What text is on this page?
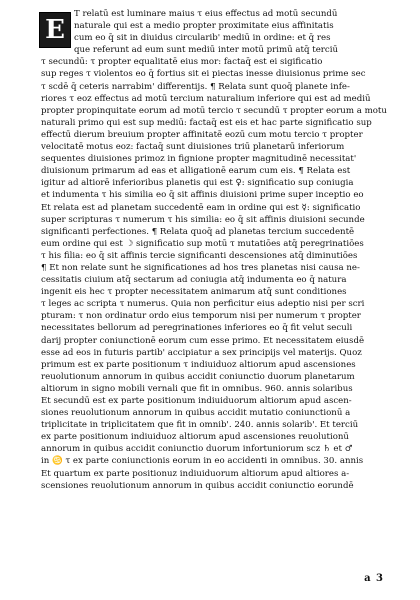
E
T relatū est luminare maius τ eius effectus ad motū secundū
naturale qui est a medio propter proximitate eius affinitatis
cum eo q̄ sit in diuidus circularib' mediū in ordine: et q̄ res
que referunt ad eum sunt mediū inter motū primū atq̄ terciū
τ secundū: τ propter equalitatē eius mor: factaq̄ est ei sigificatio
sup reges τ violentos eo q̄ fortius sit ei piectas inesse diuisionus prime sec
τ scdē q̄ ceteris narrabim' differentijs. ¶ Relata sunt quoq̄ planete infe-
riores τ eoz effectus ad motū tercium naturalium inferiore qui est ad mediū
propter propinquitate eorum ad motū tercio τ secundū τ propter eorum a motu
naturali primo qui est sup mediū: factaq̄ est eis et hac parte significatio sup
effectū dierum breuium propter affinitatē eozū cum motu tercio τ propter
velocitatē motus eoz: factaq̄ sunt diuisiones triū planetarū inferiorum
sequentes diuisiones primoz in fignione propter magnitudinē necessitat'
diuisionum primarum ad eas et alligationē earum cum eis. ¶ Relata est
igitur ad altiorē inferioribus planetis qui est ♀: significatio sup coniugia
et indumenta τ his similia eo q̄ sit affinis diuisioni prime super inceptio eo
Et relata est ad planetam succedentē eam in ordine qui est ☿: significatio
super scripturas τ numerum τ his similia: eo q̄ sit affinis diuisioni secunde
significanti perfectiones. ¶ Relata quoq̄ ad planetas tercium succedentē
eum ordine qui est ☽ significatio sup motū τ mutatiōes atq̄ peregrinatiōes
τ his filia: eo q̄ sit affinis tercie significanti descensiones atq̄ diminutiōes
¶ Et non relate sunt he significationes ad hos tres planetas nisi causa ne-
cessitatis ciuium atq̄ sectarum ad coniugia atq̄ indumenta eo q̄ natura
ingenit eis hec τ propter necessitatem animarum atq̄ sunt conditiones
τ leges ac scripta τ numerus. Quia non perficitur eius adeptio nisi per scri
pturam: τ non ordinatur ordo eius temporum nisi per numerum τ propter
necessitates bellorum ad peregrinationes inferiores eo q̄ fit velut seculi
darij propter coniunctionē eorum cum esse primo. Et necessitatem eiusdē
esse ad eos in futuris partib' accipiatur a sex principijs vel materijs. Quoz
primum est ex parte positionum τ indiuiduoz altiorum apud ascensiones
reuolutionum annorum in quibus accidit coniunctio duorum planetarum
altiorum in signo mobili vernali que fit in omnibus. 960. annis solaribus
Et secundū est ex parte positionum indiuiduorum altiorum apud ascen-
siones reuolutionum annorum in quibus accidit mutatio coniunctionū a
triplicitate in triplicitatem que fit in omnib'. 240. annis solarib'. Et terciū
ex parte positionum indiuiduoz altiorum apud ascensiones reuolutionū
annorum in quibus accidit coniunctio duorum infortuniorum scz ♄ et ♂
in ♋ τ ex parte coniunctionis eorum in eo accidenti in omnibus. 30. annis
Et quartum ex parte positionuz indiuiduorum altiorum apud altiores a-
scensiones reuolutionum annorum in quibus accidit coniunctio eorundē
a 3
